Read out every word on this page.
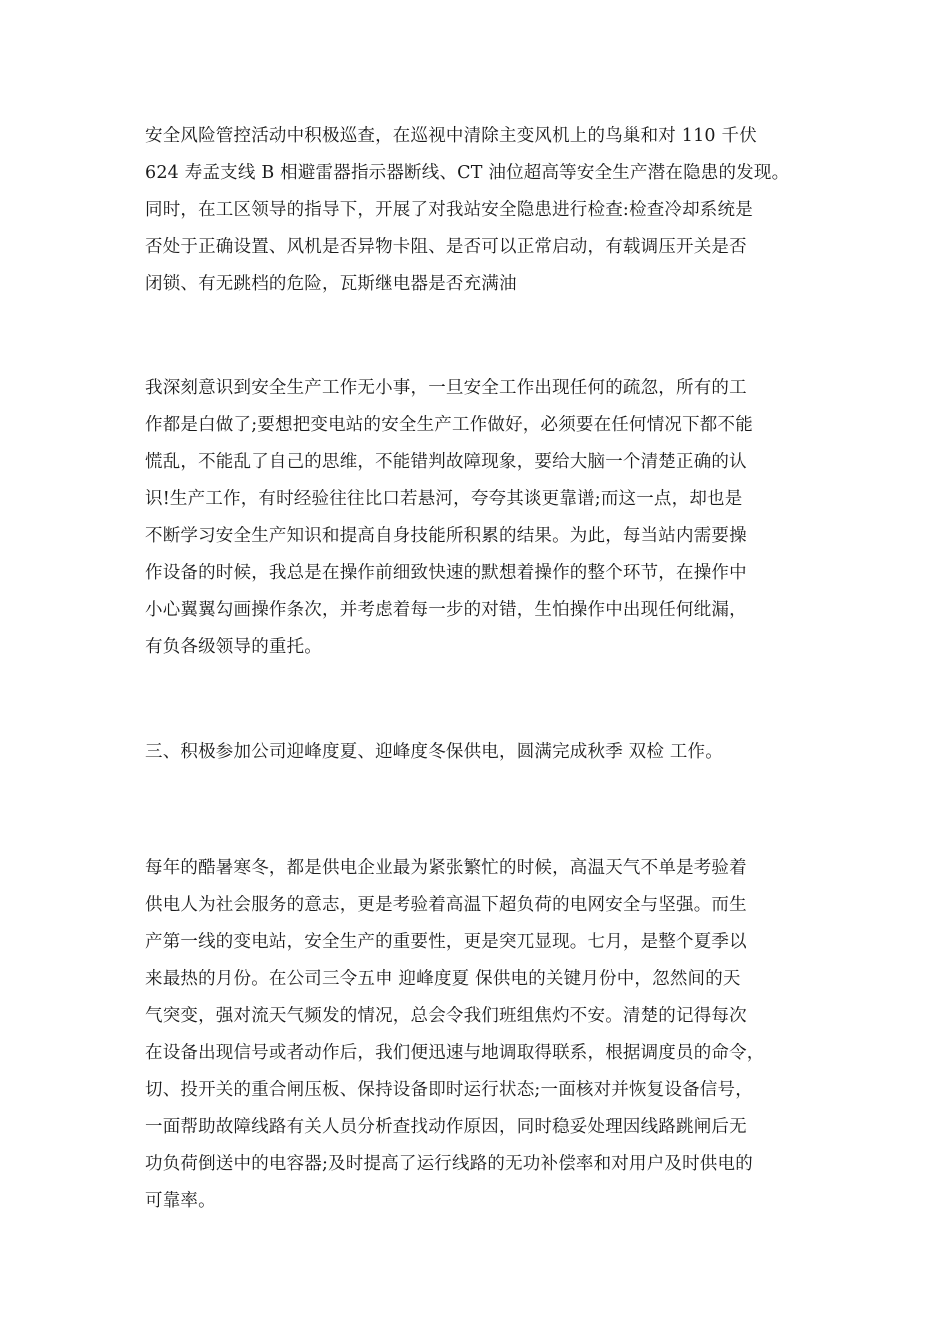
安全风险管控活动中积极巡查，在巡视中清除主变风机上的鸟巢和对 110 千伏
624 寿孟支线 B 相避雷器指示器断线、CT 油位超高等安全生产潜在隐患的发现。
同时，在工区领导的指导下，开展了对我站安全隐患进行检查:检查冷却系统是
否处于正确设置、风机是否异物卡阻、是否可以正常启动，有载调压开关是否
闭锁、有无跳档的危险，瓦斯继电器是否充满油
我深刻意识到安全生产工作无小事，一旦安全工作出现任何的疏忽，所有的工
作都是白做了;要想把变电站的安全生产工作做好，必须要在任何情况下都不能
慌乱，不能乱了自己的思维，不能错判故障现象，要给大脑一个清楚正确的认
识!生产工作，有时经验往往比口若悬河，夸夸其谈更靠谱;而这一点，却也是
不断学习安全生产知识和提高自身技能所积累的结果。为此，每当站内需要操
作设备的时候，我总是在操作前细致快速的默想着操作的整个环节，在操作中
小心翼翼勾画操作条次，并考虑着每一步的对错，生怕操作中出现任何纰漏，
有负各级领导的重托。
三、积极参加公司迎峰度夏、迎峰度冬保供电，圆满完成秋季 双检 工作。
每年的酷暑寒冬，都是供电企业最为紧张繁忙的时候，高温天气不单是考验着
供电人为社会服务的意志，更是考验着高温下超负荷的电网安全与坚强。而生
产第一线的变电站，安全生产的重要性，更是突兀显现。七月，是整个夏季以
来最热的月份。在公司三令五申 迎峰度夏 保供电的关键月份中，忽然间的天
气突变，强对流天气频发的情况，总会令我们班组焦灼不安。清楚的记得每次
在设备出现信号或者动作后，我们便迅速与地调取得联系，根据调度员的命令，
切、投开关的重合闸压板、保持设备即时运行状态;一面核对并恢复设备信号，
一面帮助故障线路有关人员分析查找动作原因，同时稳妥处理因线路跳闸后无
功负荷倒送中的电容器;及时提高了运行线路的无功补偿率和对用户及时供电的
可靠率。
